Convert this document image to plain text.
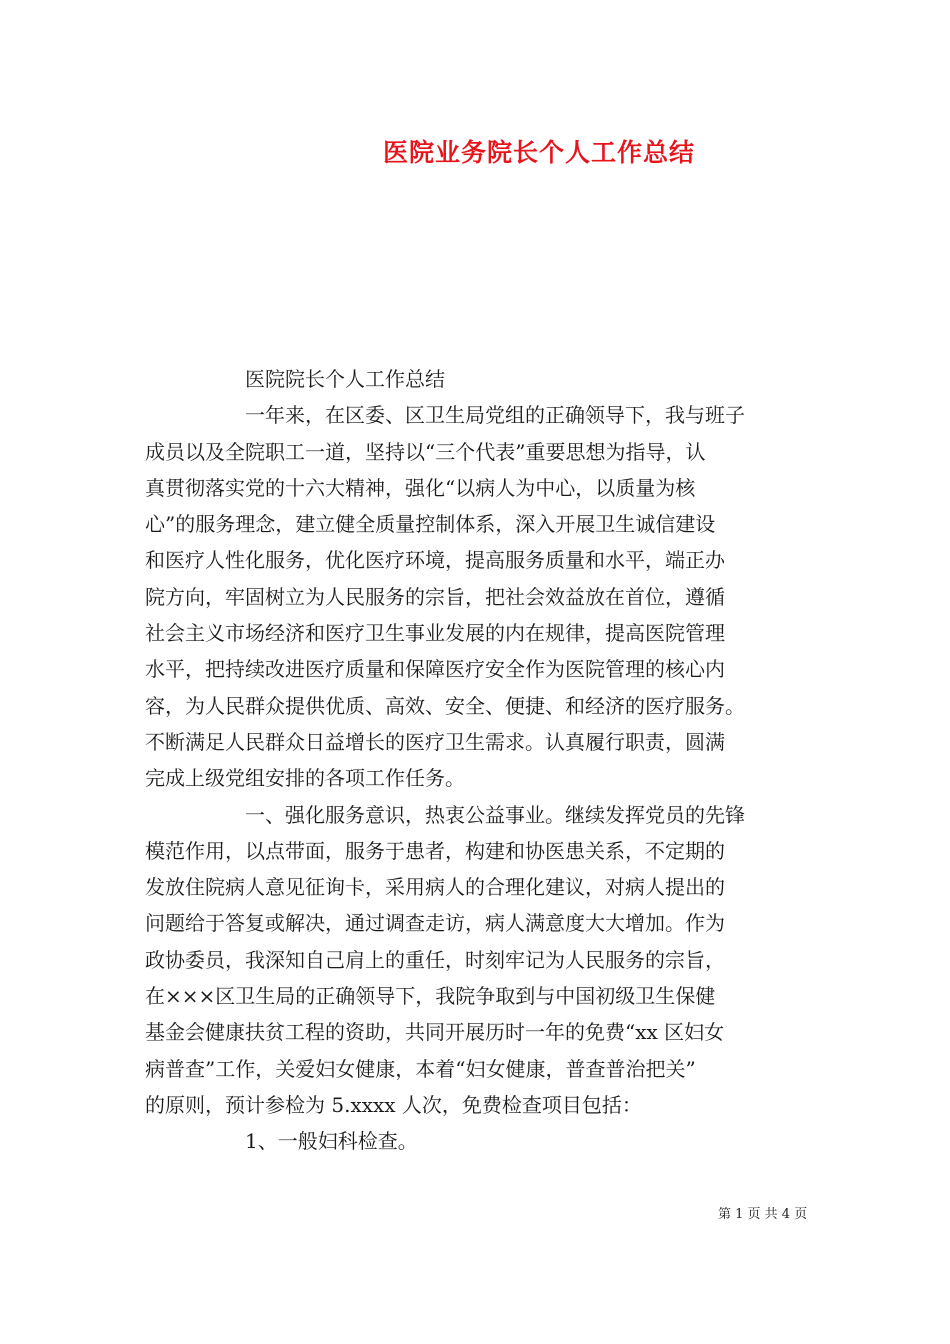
医院业务院长个人工作总结

医院院长个人工作总结

一年来，在区委、区卫生局党组的正确领导下，我与班子

成员以及全院职工一道，坚持以“三个代表”重要思想为指导，认

真贯彻落实党的十六大精神，强化“以病人为中心，以质量为核

心”的服务理念，建立健全质量控制体系，深入开展卫生诚信建设

和医疗人性化服务，优化医疗环境，提高服务质量和水平，端正办

院方向，牢固树立为人民服务的宗旨，把社会效益放在首位，遵循

社会主义市场经济和医疗卫生事业发展的内在规律，提高医院管理

水平，把持续改进医疗质量和保障医疗安全作为医院管理的核心内

容，为人民群众提供优质、高效、安全、便捷、和经济的医疗服务。

不断满足人民群众日益增长的医疗卫生需求。认真履行职责，圆满

完成上级党组安排的各项工作任务。

一、强化服务意识，热衷公益事业。继续发挥党员的先锋

模范作用，以点带面，服务于患者，构建和协医患关系，不定期的

发放住院病人意见征询卡，采用病人的合理化建议，对病人提出的

问题给于答复或解决，通过调查走访，病人满意度大大增加。作为

政协委员，我深知自己肩上的重任，时刻牢记为人民服务的宗旨，

在×××区卫生局的正确领导下，我院争取到与中国初级卫生保健

基金会健康扶贫工程的资助，共同开展历时一年的免费“xx 区妇女

病普查”工作，关爱妇女健康，本着“妇女健康，普查普治把关”

的原则，预计参检为 5.xxxx 人次，免费检查项目包括：

1、一般妇科检查。

第 1 页 共 4 页
